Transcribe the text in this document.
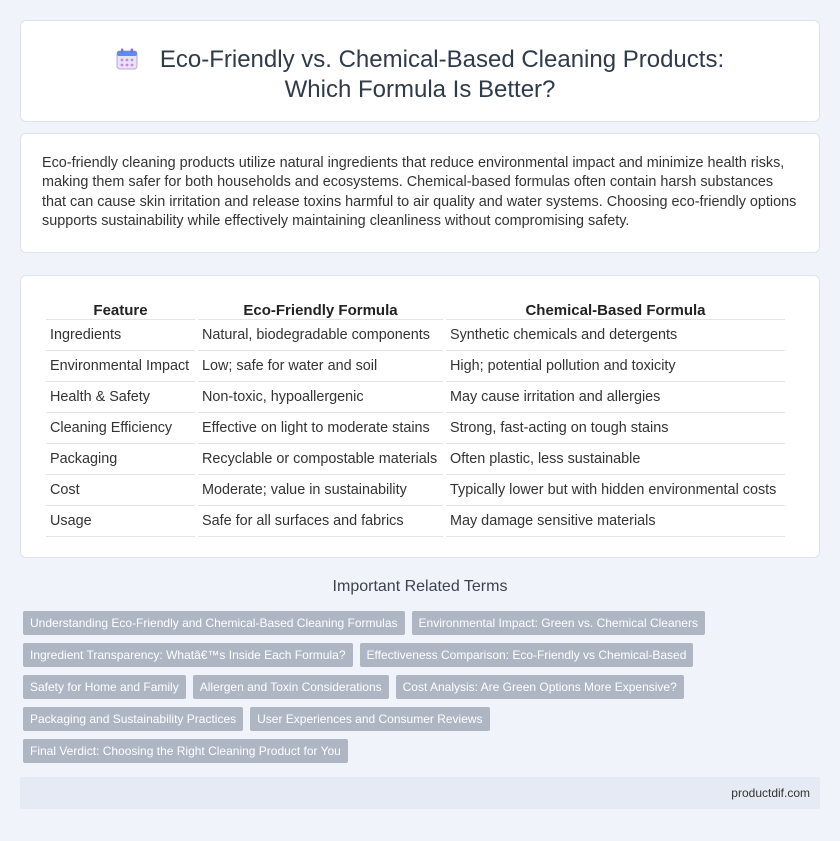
Eco-Friendly vs. Chemical-Based Cleaning Products: Which Formula Is Better?

Eco-friendly cleaning products utilize natural ingredients that reduce environmental impact and minimize health risks, making them safer for both households and ecosystems. Chemical-based formulas often contain harsh substances that can cause skin irritation and release toxins harmful to air quality and water systems. Choosing eco-friendly options supports sustainability while effectively maintaining cleanliness without compromising safety.

Feature	Eco-Friendly Formula	Chemical-Based Formula
Ingredients	Natural, biodegradable components	Synthetic chemicals and detergents
Environmental Impact	Low; safe for water and soil	High; potential pollution and toxicity
Health & Safety	Non-toxic, hypoallergenic	May cause irritation and allergies
Cleaning Efficiency	Effective on light to moderate stains	Strong, fast-acting on tough stains
Packaging	Recyclable or compostable materials	Often plastic, less sustainable
Cost	Moderate; value in sustainability	Typically lower but with hidden environmental costs
Usage	Safe for all surfaces and fabrics	May damage sensitive materials
Important Related Terms
Understanding Eco-Friendly and Chemical-Based Cleaning Formulas	Environmental Impact: Green vs. Chemical Cleaners
Ingredient Transparency: Whatâ€™s Inside Each Formula?	Effectiveness Comparison: Eco-Friendly vs Chemical-Based
Safety for Home and Family	Allergen and Toxin Considerations	Cost Analysis: Are Green Options More Expensive?
Packaging and Sustainability Practices	User Experiences and Consumer Reviews
Final Verdict: Choosing the Right Cleaning Product for You
productdif.com
